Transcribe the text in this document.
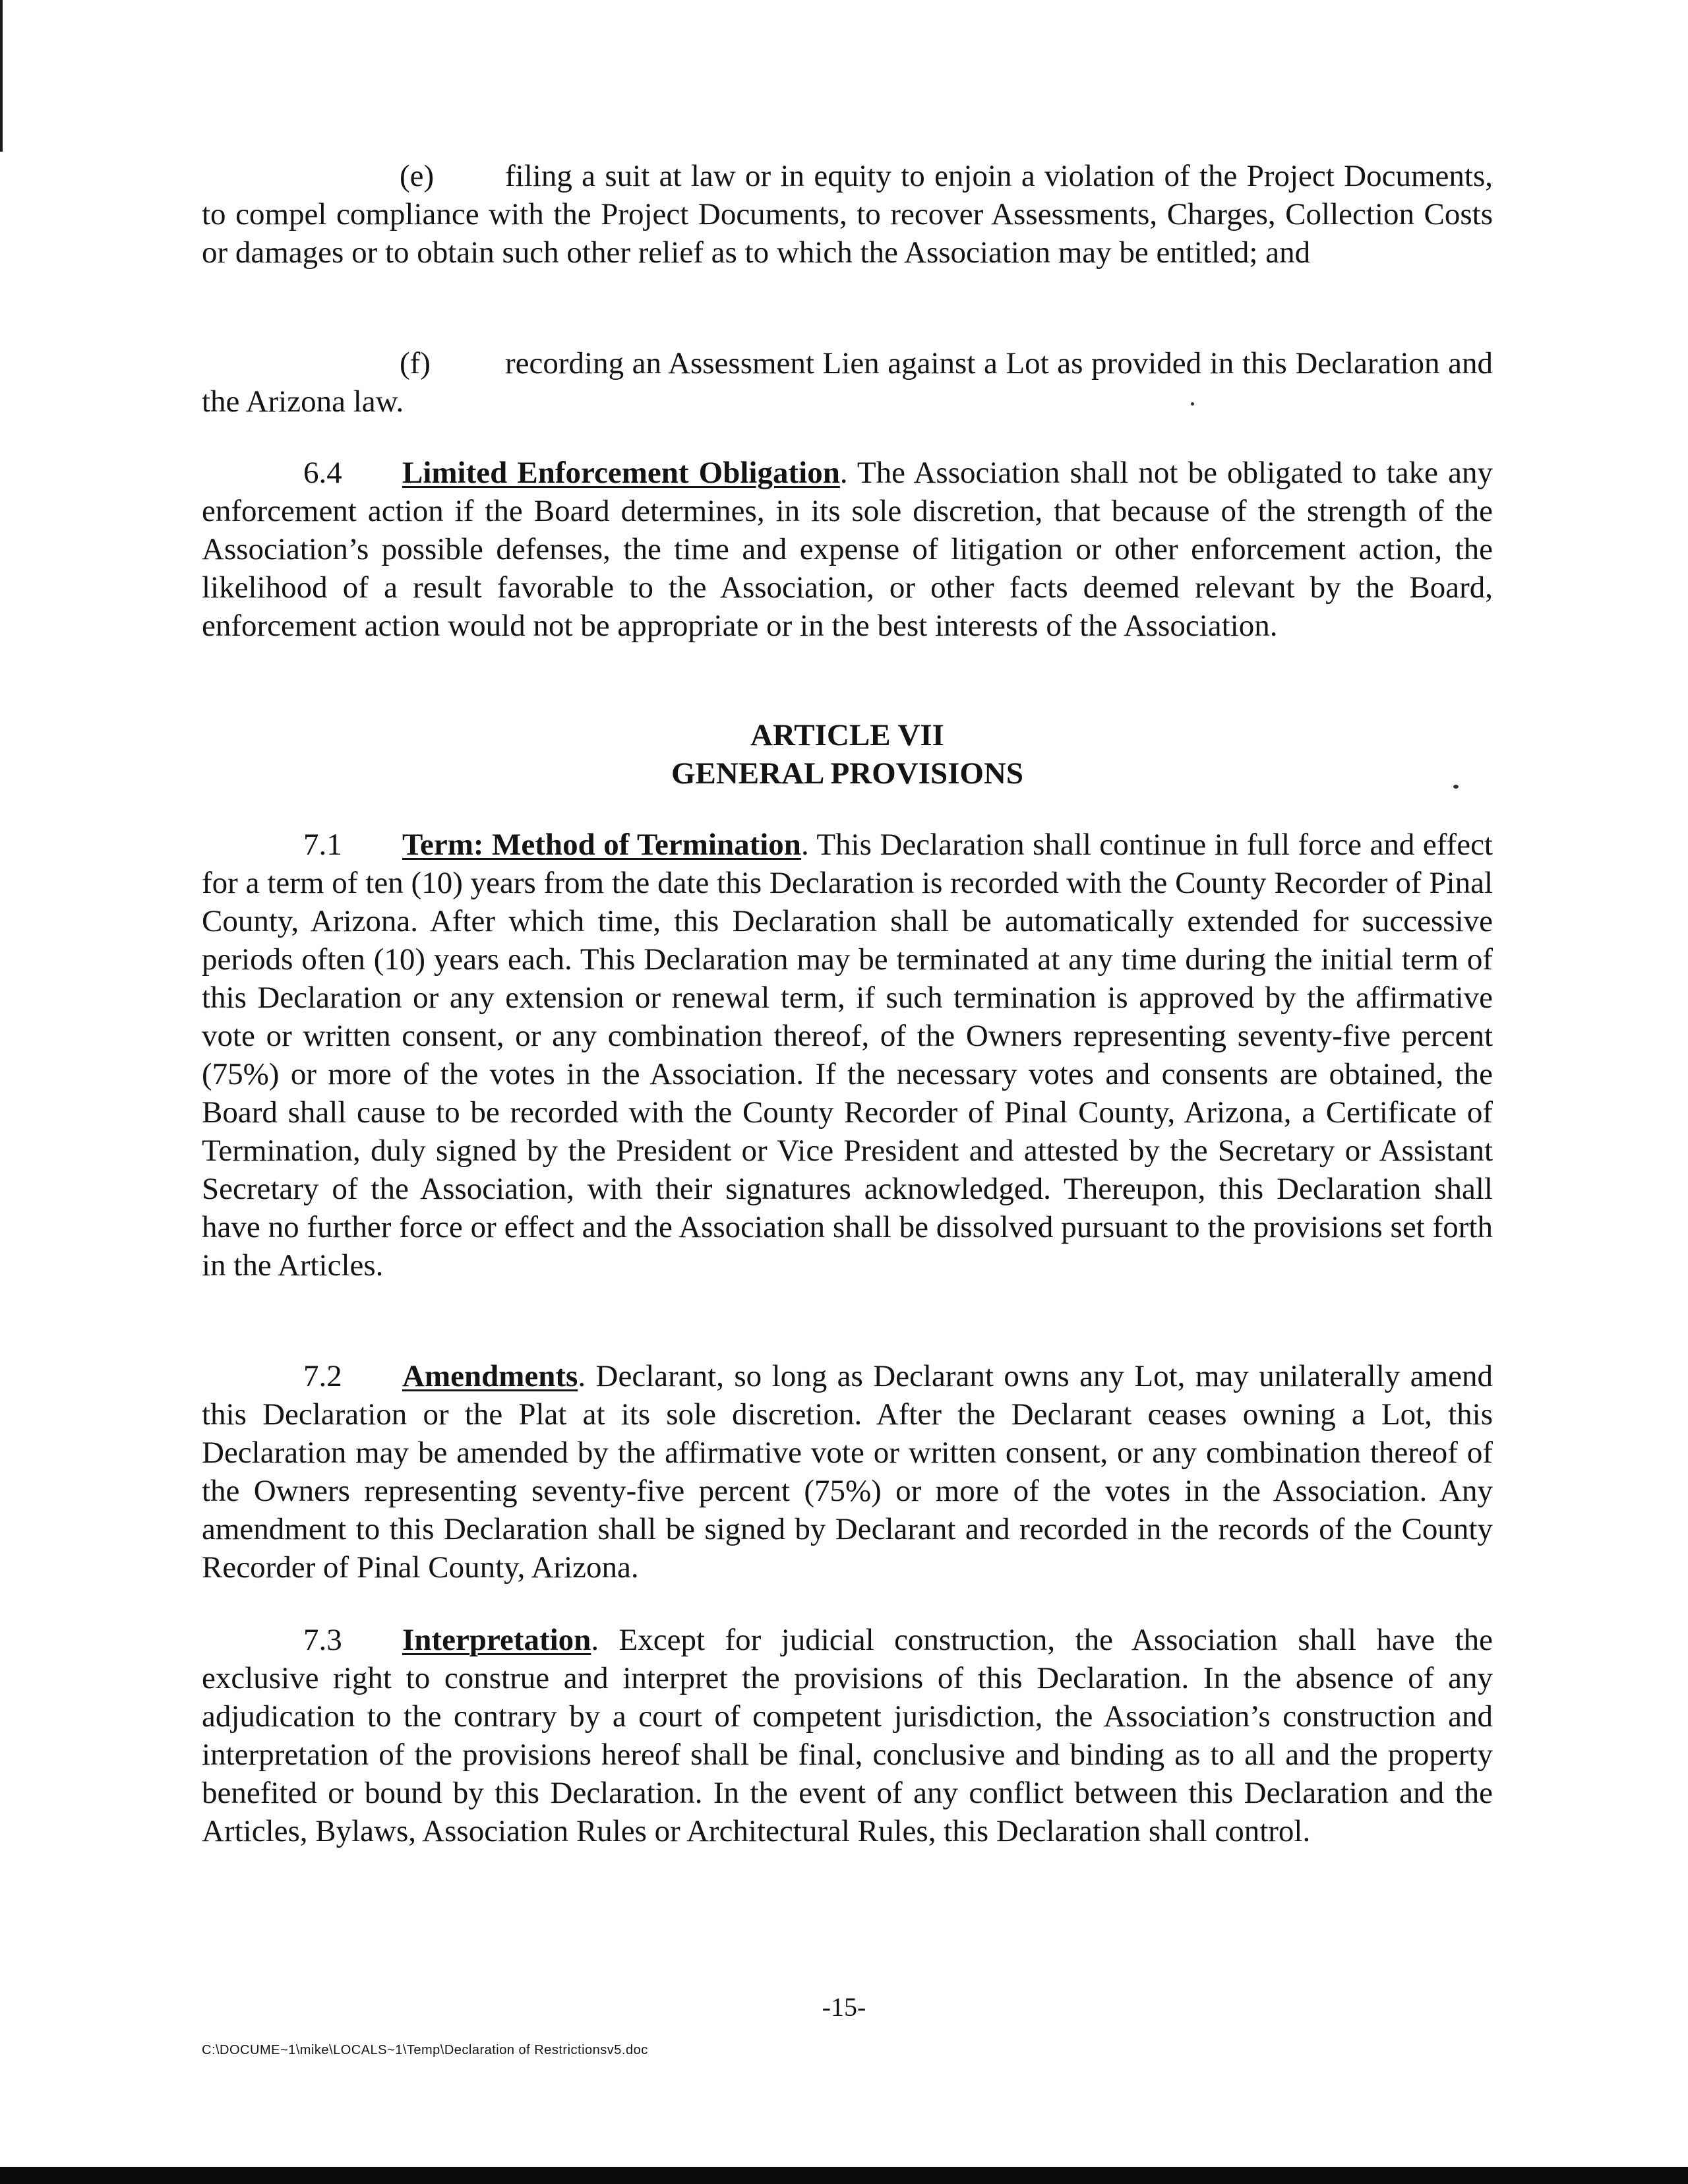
(e) filing a suit at law or in equity to enjoin a violation of the Project Documents, to compel compliance with the Project Documents, to recover Assessments, Charges, Collection Costs or damages or to obtain such other relief as to which the Association may be entitled; and

(f) recording an Assessment Lien against a Lot as provided in this Declaration and the Arizona law.

6.4 Limited Enforcement Obligation. The Association shall not be obligated to take any enforcement action if the Board determines, in its sole discretion, that because of the strength of the Association’s possible defenses, the time and expense of litigation or other enforcement action, the likelihood of a result favorable to the Association, or other facts deemed relevant by the Board, enforcement action would not be appropriate or in the best interests of the Association.

ARTICLE VII

GENERAL PROVISIONS

7.1 Term: Method of Termination. This Declaration shall continue in full force and effect for a term of ten (10) years from the date this Declaration is recorded with the County Recorder of Pinal County, Arizona. After which time, this Declaration shall be automatically extended for successive periods often (10) years each. This Declaration may be terminated at any time during the initial term of this Declaration or any extension or renewal term, if such termination is approved by the affirmative vote or written consent, or any combination thereof, of the Owners representing seventy-five percent (75%) or more of the votes in the Association. If the necessary votes and consents are obtained, the Board shall cause to be recorded with the County Recorder of Pinal County, Arizona, a Certificate of Termination, duly signed by the President or Vice President and attested by the Secretary or Assistant Secretary of the Association, with their signatures acknowledged. Thereupon, this Declaration shall have no further force or effect and the Association shall be dissolved pursuant to the provisions set forth in the Articles.

7.2 Amendments. Declarant, so long as Declarant owns any Lot, may unilaterally amend this Declaration or the Plat at its sole discretion. After the Declarant ceases owning a Lot, this Declaration may be amended by the affirmative vote or written consent, or any combination thereof of the Owners representing seventy-five percent (75%) or more of the votes in the Association. Any amendment to this Declaration shall be signed by Declarant and recorded in the records of the County Recorder of Pinal County, Arizona.

7.3 Interpretation. Except for judicial construction, the Association shall have the exclusive right to construe and interpret the provisions of this Declaration. In the absence of any adjudication to the contrary by a court of competent jurisdiction, the Association’s construction and interpretation of the provisions hereof shall be final, conclusive and binding as to all and the property benefited or bound by this Declaration. In the event of any conflict between this Declaration and the Articles, Bylaws, Association Rules or Architectural Rules, this Declaration shall control.

-15-
C:\DOCUME~1\mike\LOCALS~1\Temp\Declaration of Restrictionsv5.doc
